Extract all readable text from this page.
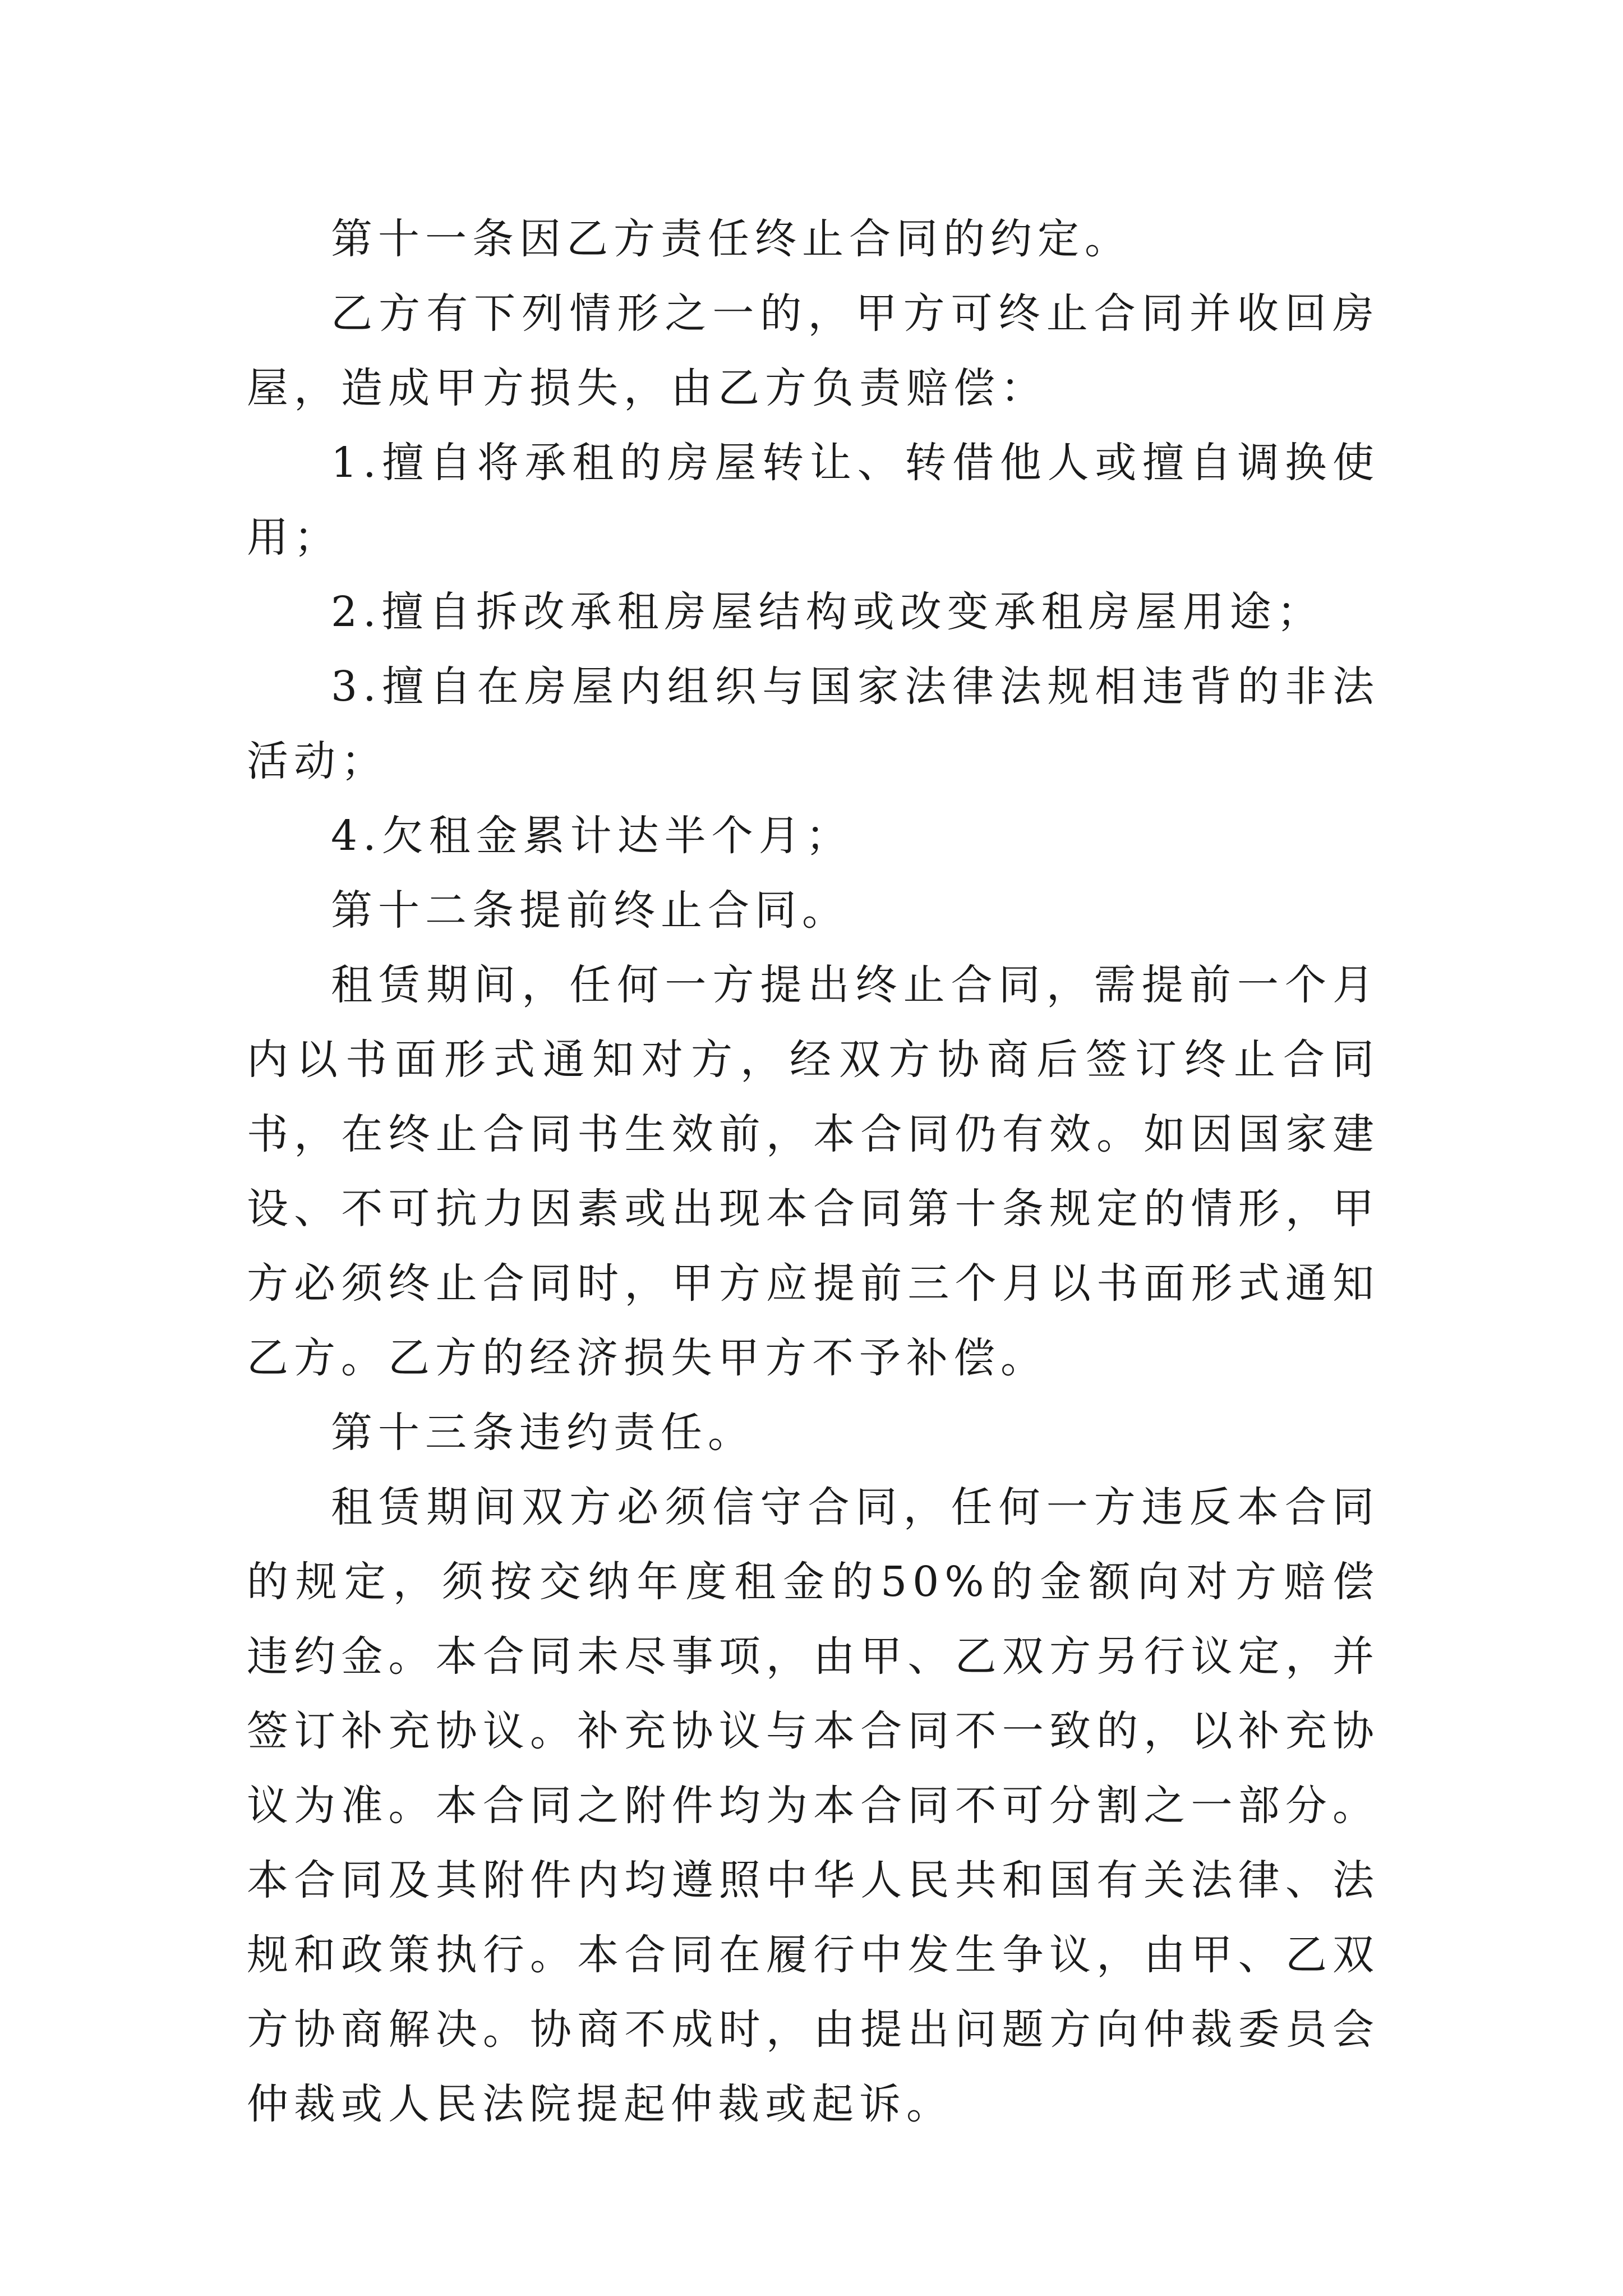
第十一条因乙方责任终止合同的约定。

乙方有下列情形之一的，甲方可终止合同并收回房屋，造成甲方损失，由乙方负责赔偿：

1.擅自将承租的房屋转让、转借他人或擅自调换使用；

2.擅自拆改承租房屋结构或改变承租房屋用途；

3.擅自在房屋内组织与国家法律法规相违背的非法活动；

4.欠租金累计达半个月；

第十二条提前终止合同。

租赁期间，任何一方提出终止合同，需提前一个月内以书面形式通知对方，经双方协商后签订终止合同书，在终止合同书生效前，本合同仍有效。如因国家建设、不可抗力因素或出现本合同第十条规定的情形，甲方必须终止合同时，甲方应提前三个月以书面形式通知乙方。乙方的经济损失甲方不予补偿。

第十三条违约责任。

租赁期间双方必须信守合同，任何一方违反本合同的规定，须按交纳年度租金的50%的金额向对方赔偿违约金。本合同未尽事项，由甲、乙双方另行议定，并签订补充协议。补充协议与本合同不一致的，以补充协议为准。本合同之附件均为本合同不可分割之一部分。本合同及其附件内均遵照中华人民共和国有关法律、法规和政策执行。本合同在履行中发生争议，由甲、乙双方协商解决。协商不成时，由提出问题方向仲裁委员会仲裁或人民法院提起仲裁或起诉。
